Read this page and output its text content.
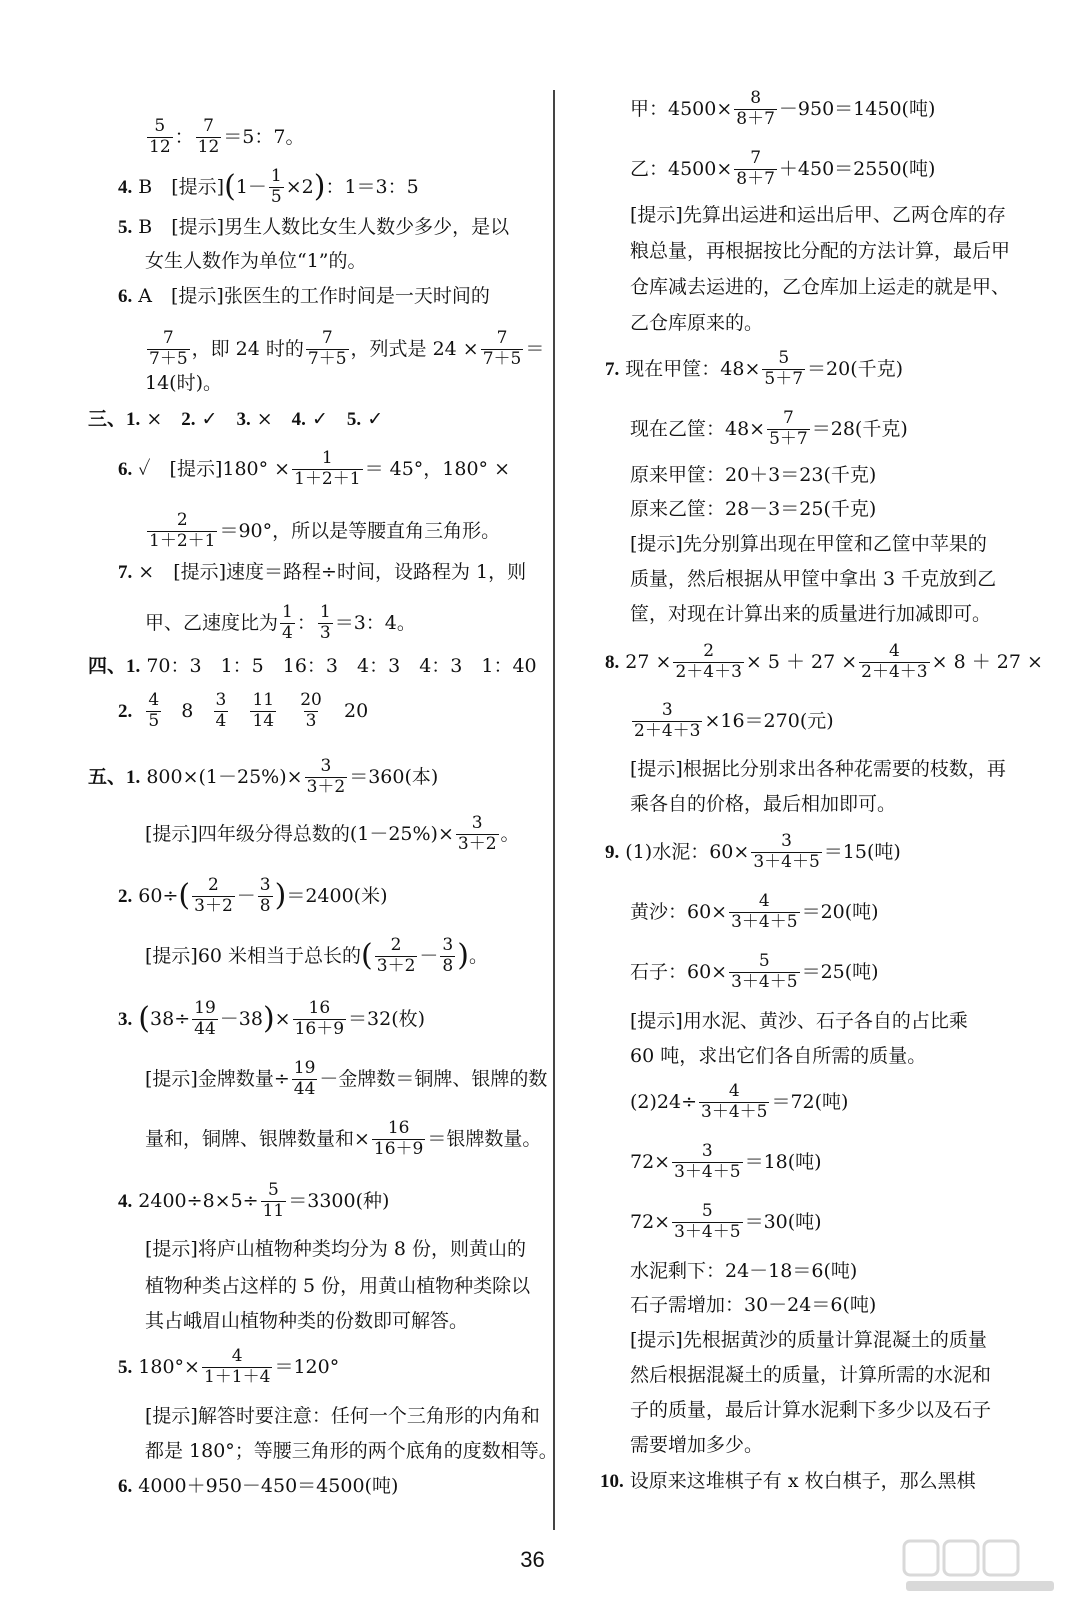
$\frac{5}{12}$ ： $\frac{7}{12} =5$：7。
4.
B　[提示] ( $1- \frac{1}{5} \times 2$ ) ：1＝3：5
5.
B　[提示]男生人数比女生人数少多少，是以
女生人数作为单位“1”的。
6.
A　[提示]张医生的工作时间是一天时间的
$\frac{7}{7+5}$ ，即 24 时的 $\frac{7}{7+5}$ ，列式是 $24 \times \frac{7}{7+5}$ ＝
14(时)。
三、1.
×　 2.
✓　 3.
×　 4.
✓　 5.
✓
6.
✓　[提示]$180^\circ \times \frac{1}{1+2+1} = 45^\circ$，180° ×
$\frac{2}{1+2+1} =90^\circ$，所以是等腰直角三角形。
7.
×　[提示]速度＝路程÷时间，设路程为 1，则
甲、乙速度比为 $\frac{1}{4}$ ： $\frac{1}{3} =3$：4。
四、1.
70：3　1：5　16：3　4：3　4：3　1：40
2.
$\frac{4}{5}$
8
$\frac{3}{4}$
$\frac{11}{14}$
$\frac{20}{3}$
20
五、1.
$800\times(1-25\%)\times \frac{3}{3+2} =360$(本)
[提示]四年级分得总数的$(1-25\%)\times \frac{3}{3+2}$ 。
2.
60÷ ( $\frac{2}{3+2} - \frac{3}{8}$ ) ＝2400(米)
[提示]60 米相当于总长的 ( $\frac{2}{3+2} - \frac{3}{8}$ ) 。
3.
( $38\div \frac{19}{44} -38$ ) × $\frac{16}{16+9} =32$(枚)
[提示]金牌数量÷ $\frac{19}{44}$ －金牌数＝铜牌、银牌的数
量和，铜牌、银牌数量和× $\frac{16}{16+9}$ ＝银牌数量。
4.
$2400\div 8\times 5\div \frac{5}{11} =3300$(种)
[提示]将庐山植物种类均分为 8 份，则黄山的
植物种类占这样的 5 份，用黄山植物种类除以
其占峨眉山植物种类的份数即可解答。
5.
$180^\circ\times \frac{4}{1+1+4} =120^\circ$
[提示]解答时要注意：任何一个三角形的内角和
都是 180°；等腰三角形的两个底角的度数相等。
6.
4000＋950－450＝4500(吨)
甲：$4500\times \frac{8}{8+7} -950=1450$(吨)
乙：$4500\times \frac{7}{8+7} +450=2550$(吨)
[提示]先算出运进和运出后甲、乙两仓库的存
粮总量，再根据按比分配的方法计算，最后甲
仓库减去运进的，乙仓库加上运走的就是甲、
乙仓库原来的。
7.
现在甲筐：$48\times \frac{5}{5+7} =20$(千克)
现在乙筐：$48\times \frac{7}{5+7} =28$(千克)
原来甲筐：20＋3＝23(千克)
原来乙筐：28－3＝25(千克)
[提示]先分别算出现在甲筐和乙筐中苹果的
质量，然后根据从甲筐中拿出 3 千克放到乙
筐，对现在计算出来的质量进行加减即可。
8.
$27 \times \frac{2}{2+4+3} \times 5 + 27 \times \frac{4}{2+4+3} \times 8 + 27$ ×
$\frac{3}{2+4+3} \times 16=270$(元)
[提示]根据比分别求出各种花需要的枝数，再
乘各自的价格，最后相加即可。
9.
(1)水泥：$60\times \frac{3}{3+4+5} =15$(吨)
黄沙：$60\times \frac{4}{3+4+5} =20$(吨)
石子：$60\times \frac{5}{3+4+5} =25$(吨)
[提示]用水泥、黄沙、石子各自的占比乘
60 吨，求出它们各自所需的质量。
$(2)24\div \frac{4}{3+4+5} =72$(吨)
$72\times \frac{3}{3+4+5} =18$(吨)
$72\times \frac{5}{3+4+5} =30$(吨)
水泥剩下：24－18＝6(吨)
石子需增加：30－24＝6(吨)
[提示]先根据黄沙的质量计算混凝土的质量
然后根据混凝土的质量，计算所需的水泥和
子的质量，最后计算水泥剩下多少以及石子
需要增加多少。
10.
设原来这堆棋子有 x 枚白棋子，那么黑棋
36
